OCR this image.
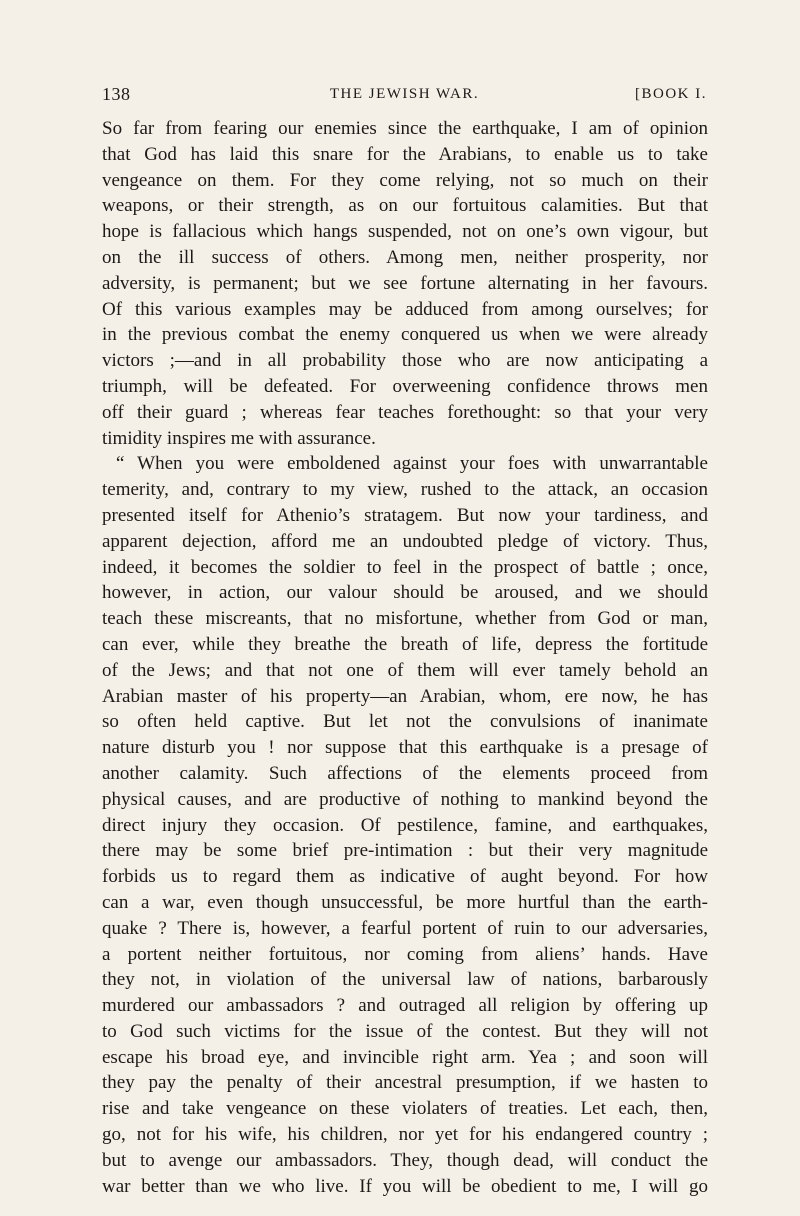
138	THE JEWISH WAR.	[BOOK I.
So far from fearing our enemies since the earthquake, I am of opinion
that God has laid this snare for the Arabians, to enable us to take
vengeance on them. For they come relying, not so much on their
weapons, or their strength, as on our fortuitous calamities. But that
hope is fallacious which hangs suspended, not on one’s own vigour, but
on the ill success of others. Among men, neither prosperity, nor
adversity, is permanent; but we see fortune alternating in her favours.
Of this various examples may be adduced from among ourselves; for
in the previous combat the enemy conquered us when we were already
victors ;—and in all probability those who are now anticipating a
triumph, will be defeated. For overweening confidence throws men
off their guard ; whereas fear teaches forethought: so that your very
timidity inspires me with assurance.
“ When you were emboldened against your foes with unwarrantable
temerity, and, contrary to my view, rushed to the attack, an occasion
presented itself for Athenio’s stratagem. But now your tardiness, and
apparent dejection, afford me an undoubted pledge of victory. Thus,
indeed, it becomes the soldier to feel in the prospect of battle ; once,
however, in action, our valour should be aroused, and we should
teach these miscreants, that no misfortune, whether from God or man,
can ever, while they breathe the breath of life, depress the fortitude
of the Jews; and that not one of them will ever tamely behold an
Arabian master of his property—an Arabian, whom, ere now, he has
so often held captive. But let not the convulsions of inanimate
nature disturb you ! nor suppose that this earthquake is a presage of
another calamity. Such affections of the elements proceed from
physical causes, and are productive of nothing to mankind beyond the
direct injury they occasion. Of pestilence, famine, and earthquakes,
there may be some brief pre-intimation : but their very magnitude
forbids us to regard them as indicative of aught beyond. For how
can a war, even though unsuccessful, be more hurtful than the earth-
quake ? There is, however, a fearful portent of ruin to our adversaries,
a portent neither fortuitous, nor coming from aliens’ hands. Have
they not, in violation of the universal law of nations, barbarously
murdered our ambassadors ? and outraged all religion by offering up
to God such victims for the issue of the contest. But they will not
escape his broad eye, and invincible right arm. Yea ; and soon will
they pay the penalty of their ancestral presumption, if we hasten to
rise and take vengeance on these violaters of treaties. Let each, then,
go, not for his wife, his children, nor yet for his endangered country ;
but to avenge our ambassadors. They, though dead, will conduct the
war better than we who live. If you will be obedient to me, I will go
